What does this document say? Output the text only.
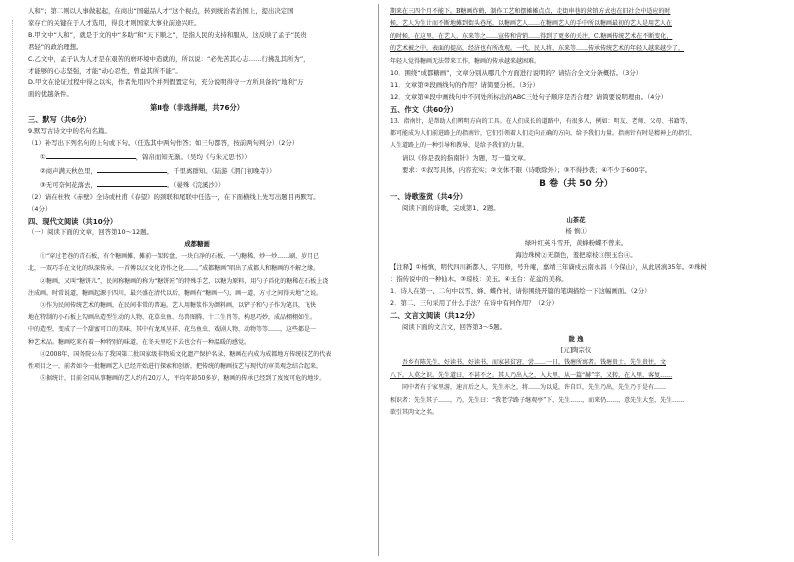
人和”；第二则以人事做起起，在商出“国磁品人才”这个视点，转到统治者治国上，提出决定国
家存亡的关键在于人才选用，得良才则国家大事业前途兴旺。
B.甲文中“人和”，就是于文的中“多助”和“天下顺之”，是指人民的支持和服从，这反映了孟子“民贵
君轻”的政治理想。
C.乙文中，孟子认为人才是在艰苦的磨环境中造就的，所以说：“必先苦其心志……行拂乱其所为”，
才能够的心志坚强，才能“动心忍性，曾益其所不能”。
D.甲文在论证过程中得之以实，作者先用四个并列假置定句，充分说明得守一方所具备的“地利”万
面的优越条件。
第Ⅱ卷（非选择题，共76分）
三、默写（共6分）
9.默写古诗文中的名句名篇。
（1）补写出下列名句的上句或下句。（任选其中两句作答；如三句都答，按前两句判分）（2分）
①	，锦帛而知无渐。（吴均《与朱元思书》）
②商声满天秋色里，	，千里离群知。（陆游《渭门初晚寺》）
③无可奈何花落去，	。（晏殊《浣溪沙》）
（2）请在杜牧《赤壁》全诗或杜甫《春望》的颈联和尾联中任选一，在下面横线上先写出题目再默写。
（4分）
四、现代文阅读（共10分）
（一）阅读下面的文章，回答第10～12题。
成都糖画
①“穿过老巷的青石板，有个糖画摊，摊前一架转盘，一块白净的石板，一勺糖稀，炒一炒……刷，岁月已
北，一双巧手在文化的纵深传承。一首傅以汉文化诗作之化……。”成都糖画”唱出了成都人和糖画的不解之缘。
②糖画，又叫“糖饼儿”，民间称糖画的称为“糖饼匠”的特殊手艺，以糖为原料，用勺子舀化的糖稀在石板上浇
注成画。时常说道，糖画起源于四川，最兴盛在清代以后，糖画有“糖画一勺，画一道，方寸之间得天地”之说。
③作为民间传统艺术的糖画，在民间非常的普遍。艺人用糖浆作为颜料画，以铲子和勺子作为笔具，飞快
地在特制的小石板上勾画出造型生动的人物、花草虫鱼、鸟兽图腾、十二生肖等，构思巧妙，成品栩栩如生。
中的造型，变成了一个甜蜜可口的美味，其中有龙凤呈祥、花鸟鱼虫、戏剧人物、动物等等……，这些都是一
种艺术品。糖画吃来有着一种特别的味道，在冬天里吃下去也会有一种温暖的感觉。
④2008年，国务院公布了我国第二批国家级非物质文化遗产保护名录，糖画在内成为成都地方传统技艺的代表
性项目之一，前者如今一批糖画艺人已经开始进行探索和创新，把传统的糖画技艺与现代的审美观念结合起来，
⑤据统计，目前全国从事糖画的艺人约有20万人，平均年龄50多岁，糖画的传承已经到了岌岌可危的地步。
期来在三四个月不能下。B糖画炸鹤，制作工艺和摆摊摊点点，走街串巷的营销方式也在旧社会中适应的时
候，艺人为生计而不断地摊到街头巷尾，以糖画艺人……在糖画艺人的手中所以糖画最初的艺人是用艺人在
的时候，在这里，在艺人、东来等之……宣传和营销……得到了更多的关注，C.糖画传统艺术在不断变化，
的艺术被之中，表面的提高，经济也有所改观。一代，民人将、东来等……传承传统艺术的年轻人越来越少了，
年轻人觉得糖画无法带来工作，糖画的传承越来越困难。
10．围绕“成都糖画”，文章分别从哪几个方面进行说明的？请结合全文分条概括。（3分）
11．文章第②段画线句的作用？请简要分析。（3分）
12．文章第④段中画线句中不同处所标出的ABC三处句子顺序是否合理？请简要说明理由。（4分）
五、作文（共60分）
13．指南针，是帮助人们辨明方向的工具。在人们成长的道路中，有很多人，例如：明友、老师、父母、书籍等，
都可能成为人们前进路上的指南针，它们引领着人们走向正确的方向，给予我们力量。指南针有时是精神上的指引，
人生道路上的一种引导和教导，是给予我们的力量。
请以《你是我的指南针》为题，写一篇文章。
要求：①叙写具体，内容充实；②文体不限（诗歌除外）；③不得抄袭；④不少于600字。
B 卷（共 50 分）
一、诗歌鉴赏（共4分）
阅读下面的诗歌，完成第1、2题。
山茶花
杨 慎①
绿叶红英斗雪开，黄蜂粉蝶不曾来。
海边珠树②无颜色，羞把琼枝③照玉台④。
【注释】①杨慎，明代四川新都人，字用修，号升庵，嘉靖三年谪戍云南永昌（今保山），从此居滇35年。②珠树
：指传说中的一种仙木。③琼枝：美玉。④玉台：花盆的美称。
1．诗人在第一、二句中以雪、蜂、蝶作衬，请你围绕开篇的笔调描绘一下这幅画面。（2分）
2．第二、三句采用了什么手法？在诗中有何作用？（2分）
二、文言文阅读（共12分）
阅读下面的文言文，回答第3～5题。
陇 逸
[元]陶宗仪
吾乡有陈先生，好读书，好读书，而家甚贫窘，尝……一日，钱塘所寓者。钱塘贵士，先生贵往，文
八下，人莫之识。先生道曰，不甚不之。其人乃出入之，入大里，从一篇“赫”字，又转，在入里，客复……
同中者有于家里游，速言后之人，先生亦之，将……为以觅，许自巨，先生乃出，先生乃于是有……
相识者：先生其子……，乃，先生曰：“我老学路子继观亭”下，先生……，而来仍……，意先生大至，先生……
欲引其肉文之名。
